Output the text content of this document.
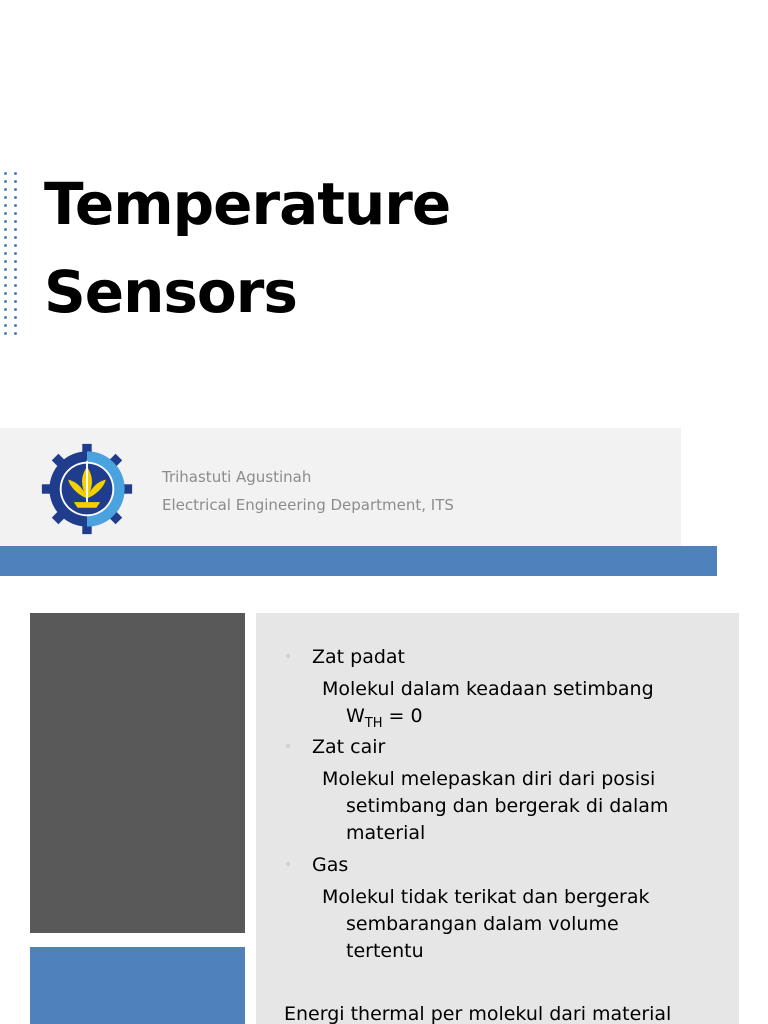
Temperature
Sensors
Trihastuti Agustinah
Electrical Engineering Department, ITS
• Zat padat
Molekul dalam keadaan setimbang
$W_{TH} = 0$
• Zat cair
Molekul melepaskan diri dari posisi
setimbang dan bergerak di dalam
material
• Gas
Molekul tidak terikat dan bergerak
sembarangan dalam volume
tertentu
Energi thermal per molekul dari material
